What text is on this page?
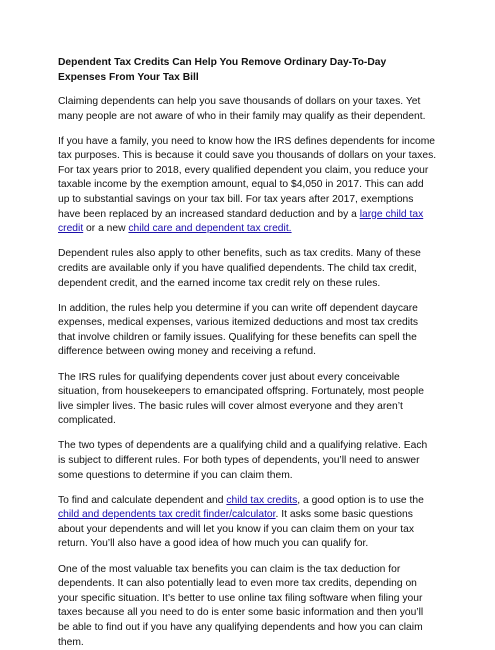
Dependent Tax Credits Can Help You Remove Ordinary Day-To-Day Expenses From Your Tax Bill

Claiming dependents can help you save thousands of dollars on your taxes. Yet many people are not aware of who in their family may qualify as their dependent.

If you have a family, you need to know how the IRS defines dependents for income tax purposes. This is because it could save you thousands of dollars on your taxes. For tax years prior to 2018, every qualified dependent you claim, you reduce your taxable income by the exemption amount, equal to $4,050 in 2017. This can add up to substantial savings on your tax bill. For tax years after 2017, exemptions have been replaced by an increased standard deduction and by a large child tax credit or a new child care and dependent tax credit.

Dependent rules also apply to other benefits, such as tax credits. Many of these credits are available only if you have qualified dependents. The child tax credit, dependent credit, and the earned income tax credit rely on these rules.

In addition, the rules help you determine if you can write off dependent daycare expenses, medical expenses, various itemized deductions and most tax credits that involve children or family issues. Qualifying for these benefits can spell the difference between owing money and receiving a refund.

The IRS rules for qualifying dependents cover just about every conceivable situation, from housekeepers to emancipated offspring. Fortunately, most people live simpler lives. The basic rules will cover almost everyone and they aren’t complicated.

The two types of dependents are a qualifying child and a qualifying relative. Each is subject to different rules. For both types of dependents, you’ll need to answer some questions to determine if you can claim them.

To find and calculate dependent and child tax credits, a good option is to use the child and dependents tax credit finder/calculator. It asks some basic questions about your dependents and will let you know if you can claim them on your tax return. You’ll also have a good idea of how much you can qualify for.

One of the most valuable tax benefits you can claim is the tax deduction for dependents. It can also potentially lead to even more tax credits, depending on your specific situation. It’s better to use online tax filing software when filing your taxes because all you need to do is enter some basic information and then you’ll be able to find out if you have any qualifying dependents and how you can claim them.
